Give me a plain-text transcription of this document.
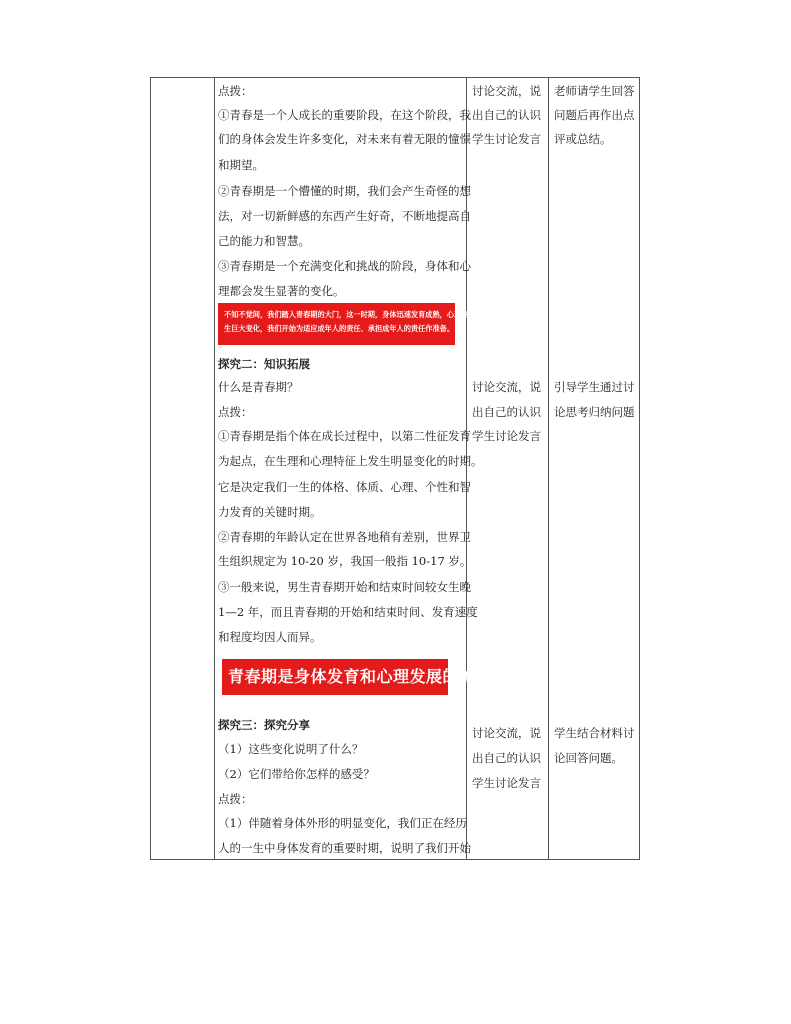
点拨：
①青春是一个人成长的重要阶段，在这个阶段，我
们的身体会发生许多变化，对未来有着无限的憧憬
和期望。
②青春期是一个懵懂的时期，我们会产生奇怪的想
法，对一切新鲜感的东西产生好奇，不断地提高自
己的能力和智慧。
③青春期是一个充满变化和挑战的阶段，身体和心
理都会发生显著的变化。
不知不觉间，我们踏入青春期的大门，这一时期，身体迅速发育成熟，心理发
生巨大变化，我们开始为适应成年人的责任、承担成年人的责任作准备。
讨论交流，说
出自己的认识
学生讨论发言
老师请学生回答
问题后再作出点
评或总结。
探究二：知识拓展
什么是青春期？
点拨：
①青春期是指个体在成长过程中，以第二性征发育
为起点，在生理和心理特征上发生明显变化的时期。
它是决定我们一生的体格、体质、心理、个性和智
力发育的关键时期。
②青春期的年龄认定在世界各地稍有差别，世界卫
生组织规定为 10-20 岁，我国一般指 10-17 岁。
③一般来说，男生青春期开始和结束时间较女生晚
1—2 年，而且青春期的开始和结束时间、发育速度
和程度均因人而异。
青春期是身体发育和心理发展的加速期。
讨论交流，说
出自己的认识
学生讨论发言
引导学生通过讨
论思考归纳问题
探究三：探究分享
（1）这些变化说明了什么？
（2）它们带给你怎样的感受？
点拨：
（1）伴随着身体外形的明显变化，我们正在经历
人的一生中身体发育的重要时期，说明了我们开始
讨论交流，说
出自己的认识
学生讨论发言
学生结合材料讨
论回答问题。
